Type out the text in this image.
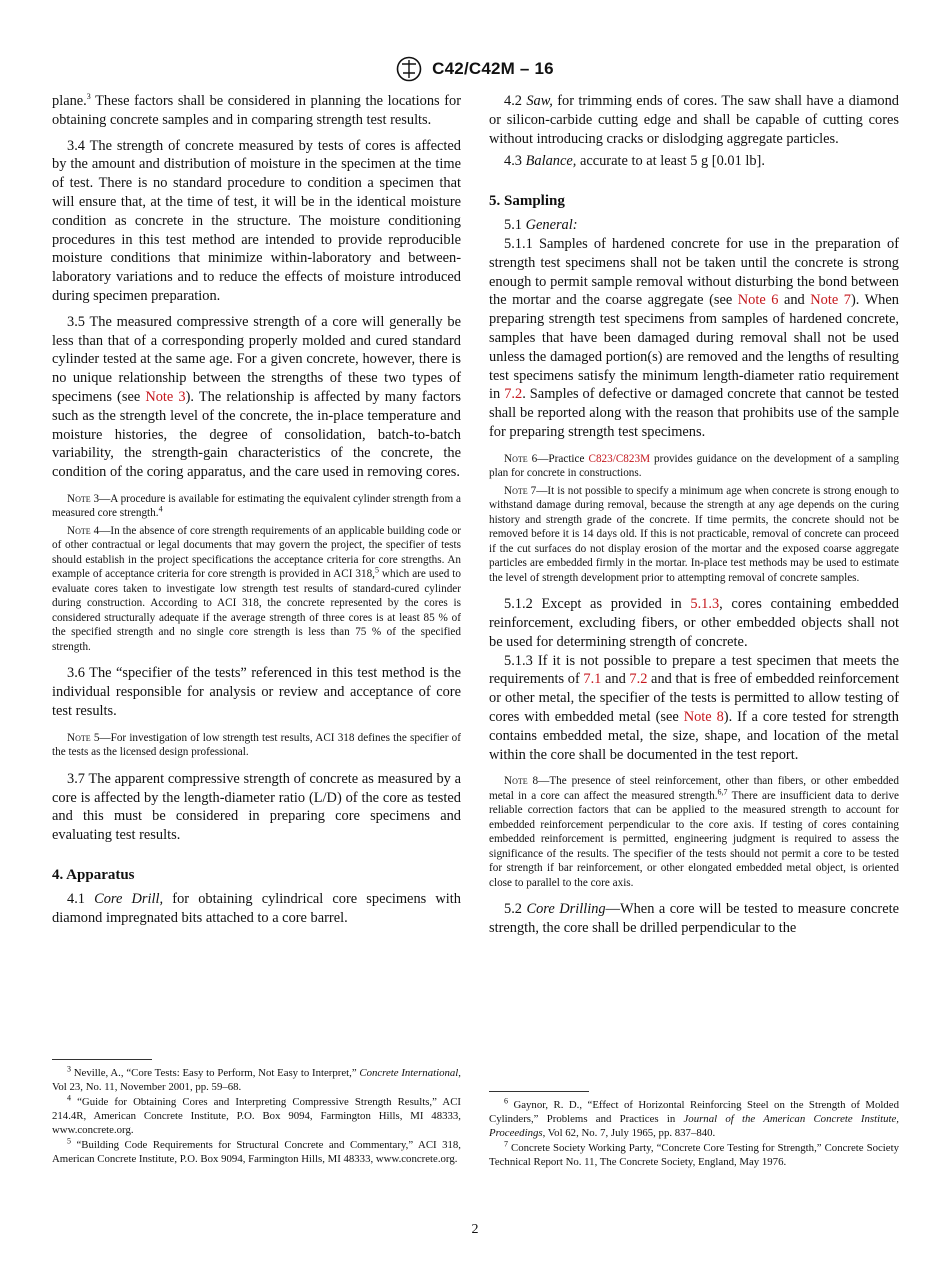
C42/C42M – 16

plane.$^3$ These factors shall be considered in planning the locations for obtaining concrete samples and in comparing strength test results.

3.4 The strength of concrete measured by tests of cores is affected by the amount and distribution of moisture in the specimen at the time of test. There is no standard procedure to condition a specimen that will ensure that, at the time of test, it will be in the identical moisture condition as concrete in the structure. The moisture conditioning procedures in this test method are intended to provide reproducible moisture conditions that minimize within-laboratory and between-laboratory variations and to reduce the effects of moisture introduced during specimen preparation.

3.5 The measured compressive strength of a core will generally be less than that of a corresponding properly molded and cured standard cylinder tested at the same age. For a given concrete, however, there is no unique relationship between the strengths of these two types of specimens (see Note 3). The relationship is affected by many factors such as the strength level of the concrete, the in-place temperature and moisture histories, the degree of consolidation, batch-to-batch variability, the strength-gain characteristics of the concrete, the condition of the coring apparatus, and the care used in removing cores.

Note 3—A procedure is available for estimating the equivalent cylinder strength from a measured core strength.$^4$

Note 4—In the absence of core strength requirements of an applicable building code or of other contractual or legal documents that may govern the project, the specifier of tests should establish in the project specifications the acceptance criteria for core strengths. An example of acceptance criteria for core strength is provided in ACI 318,$^5$ which are used to evaluate cores taken to investigate low strength test results of standard-cured cylinder during construction. According to ACI 318, the concrete represented by the cores is considered structurally adequate if the average strength of three cores is at least 85 % of the specified strength and no single core strength is less than 75 % of the specified strength.

3.6 The “specifier of the tests” referenced in this test method is the individual responsible for analysis or review and acceptance of core test results.

Note 5—For investigation of low strength test results, ACI 318 defines the specifier of the tests as the licensed design professional.

3.7 The apparent compressive strength of concrete as measured by a core is affected by the length-diameter ratio (L/D) of the core as tested and this must be considered in preparing core specimens and evaluating test results.

4. Apparatus

4.1 Core Drill, for obtaining cylindrical core specimens with diamond impregnated bits attached to a core barrel.

4.2 Saw, for trimming ends of cores. The saw shall have a diamond or silicon-carbide cutting edge and shall be capable of cutting cores without introducing cracks or dislodging aggregate particles.

4.3 Balance, accurate to at least 5 g [0.01 lb].

5. Sampling

5.1 General:

5.1.1 Samples of hardened concrete for use in the preparation of strength test specimens shall not be taken until the concrete is strong enough to permit sample removal without disturbing the bond between the mortar and the coarse aggregate (see Note 6 and Note 7). When preparing strength test specimens from samples of hardened concrete, samples that have been damaged during removal shall not be used unless the damaged portion(s) are removed and the lengths of resulting test specimens satisfy the minimum length-diameter ratio requirement in 7.2. Samples of defective or damaged concrete that cannot be tested shall be reported along with the reason that prohibits use of the sample for preparing strength test specimens.

Note 6—Practice C823/C823M provides guidance on the development of a sampling plan for concrete in constructions.

Note 7—It is not possible to specify a minimum age when concrete is strong enough to withstand damage during removal, because the strength at any age depends on the curing history and strength grade of the concrete. If time permits, the concrete should not be removed before it is 14 days old. If this is not practicable, removal of concrete can proceed if the cut surfaces do not display erosion of the mortar and the exposed coarse aggregate particles are embedded firmly in the mortar. In-place test methods may be used to estimate the level of strength development prior to attempting removal of concrete samples.

5.1.2 Except as provided in 5.1.3, cores containing embedded reinforcement, excluding fibers, or other embedded objects shall not be used for determining strength of concrete.

5.1.3 If it is not possible to prepare a test specimen that meets the requirements of 7.1 and 7.2 and that is free of embedded reinforcement or other metal, the specifier of the tests is permitted to allow testing of cores with embedded metal (see Note 8). If a core tested for strength contains embedded metal, the size, shape, and location of the metal within the core shall be documented in the test report.

Note 8—The presence of steel reinforcement, other than fibers, or other embedded metal in a core can affect the measured strength.$^{6,7}$ There are insufficient data to derive reliable correction factors that can be applied to the measured strength to account for embedded reinforcement perpendicular to the core axis. If testing of cores containing embedded reinforcement is permitted, engineering judgment is required to assess the significance of the results. The specifier of the tests should not permit a core to be tested for strength if bar reinforcement, or other elongated embedded metal object, is oriented close to parallel to the core axis.

5.2 Core Drilling—When a core will be tested to measure concrete strength, the core shall be drilled perpendicular to the

$^3$ Neville, A., “Core Tests: Easy to Perform, Not Easy to Interpret,” Concrete International, Vol 23, No. 11, November 2001, pp. 59–68.

$^4$ “Guide for Obtaining Cores and Interpreting Compressive Strength Results,” ACI 214.4R, American Concrete Institute, P.O. Box 9094, Farmington Hills, MI 48333, www.concrete.org.

$^5$ “Building Code Requirements for Structural Concrete and Commentary,” ACI 318, American Concrete Institute, P.O. Box 9094, Farmington Hills, MI 48333, www.concrete.org.

$^6$ Gaynor, R. D., “Effect of Horizontal Reinforcing Steel on the Strength of Molded Cylinders,” Problems and Practices in Journal of the American Concrete Institute, Proceedings, Vol 62, No. 7, July 1965, pp. 837–840.

$^7$ Concrete Society Working Party, “Concrete Core Testing for Strength,” Concrete Society Technical Report No. 11, The Concrete Society, England, May 1976.

2
